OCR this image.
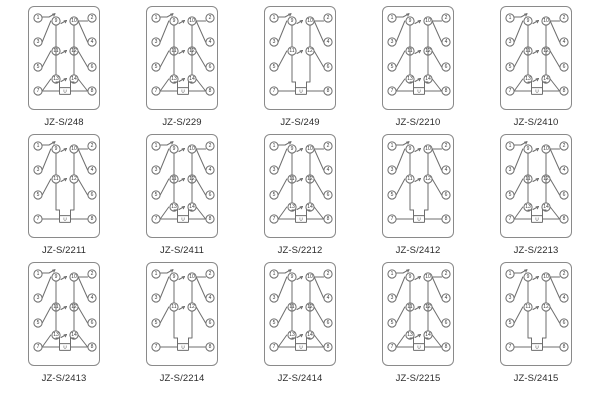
1	2
3	4
5	6
7	8
9	10
11	12
13 14
U
JZ-S/248
1	2
3	4
5	6
7	8
9	10
11	12
13 14
U
JZ-S/229
1	2
3	4
5	6
7	8
9	10
11	12
U
JZ-S/249
1	2
3	4
5	6
7	8
9	10
11	12
13 14
U
JZ-S/2210
1	2
3	4
5	6
7	8
9	10
11	12
13 14
U
JZ-S/2410
1	2
3	4
5	6
7	8
9	10
11	12
U
JZ-S/2211
1	2
3	4
5	6
7	8
9	10
11	12
13 14
U
JZ-S/2411
1	2
3	4
5	6
7	8
9	10
11	12
13 14
U
JZ-S/2212
1	2
3	4
5	6
7	8
9	10
11	12
U
JZ-S/2412
1	2
3	4
5	6
7	8
9	10
11	12
13 14
U
JZ-S/2213
1	2
3	4
5	6
7	8
9	10
11	12
13 14
U
JZ-S/2413
1	2
3	4
5	6
7	8
9	10
11	12
U
JZ-S/2214
1	2
3	4
5	6
7	8
9	10
11	12
13 14
U
JZ-S/2414
1	2
3	4
5	6
7	8
9	10
11	12
13 14
U
JZ-S/2215
1	2
3	4
5	6
7	8
9	10
11	12
U
JZ-S/2415
